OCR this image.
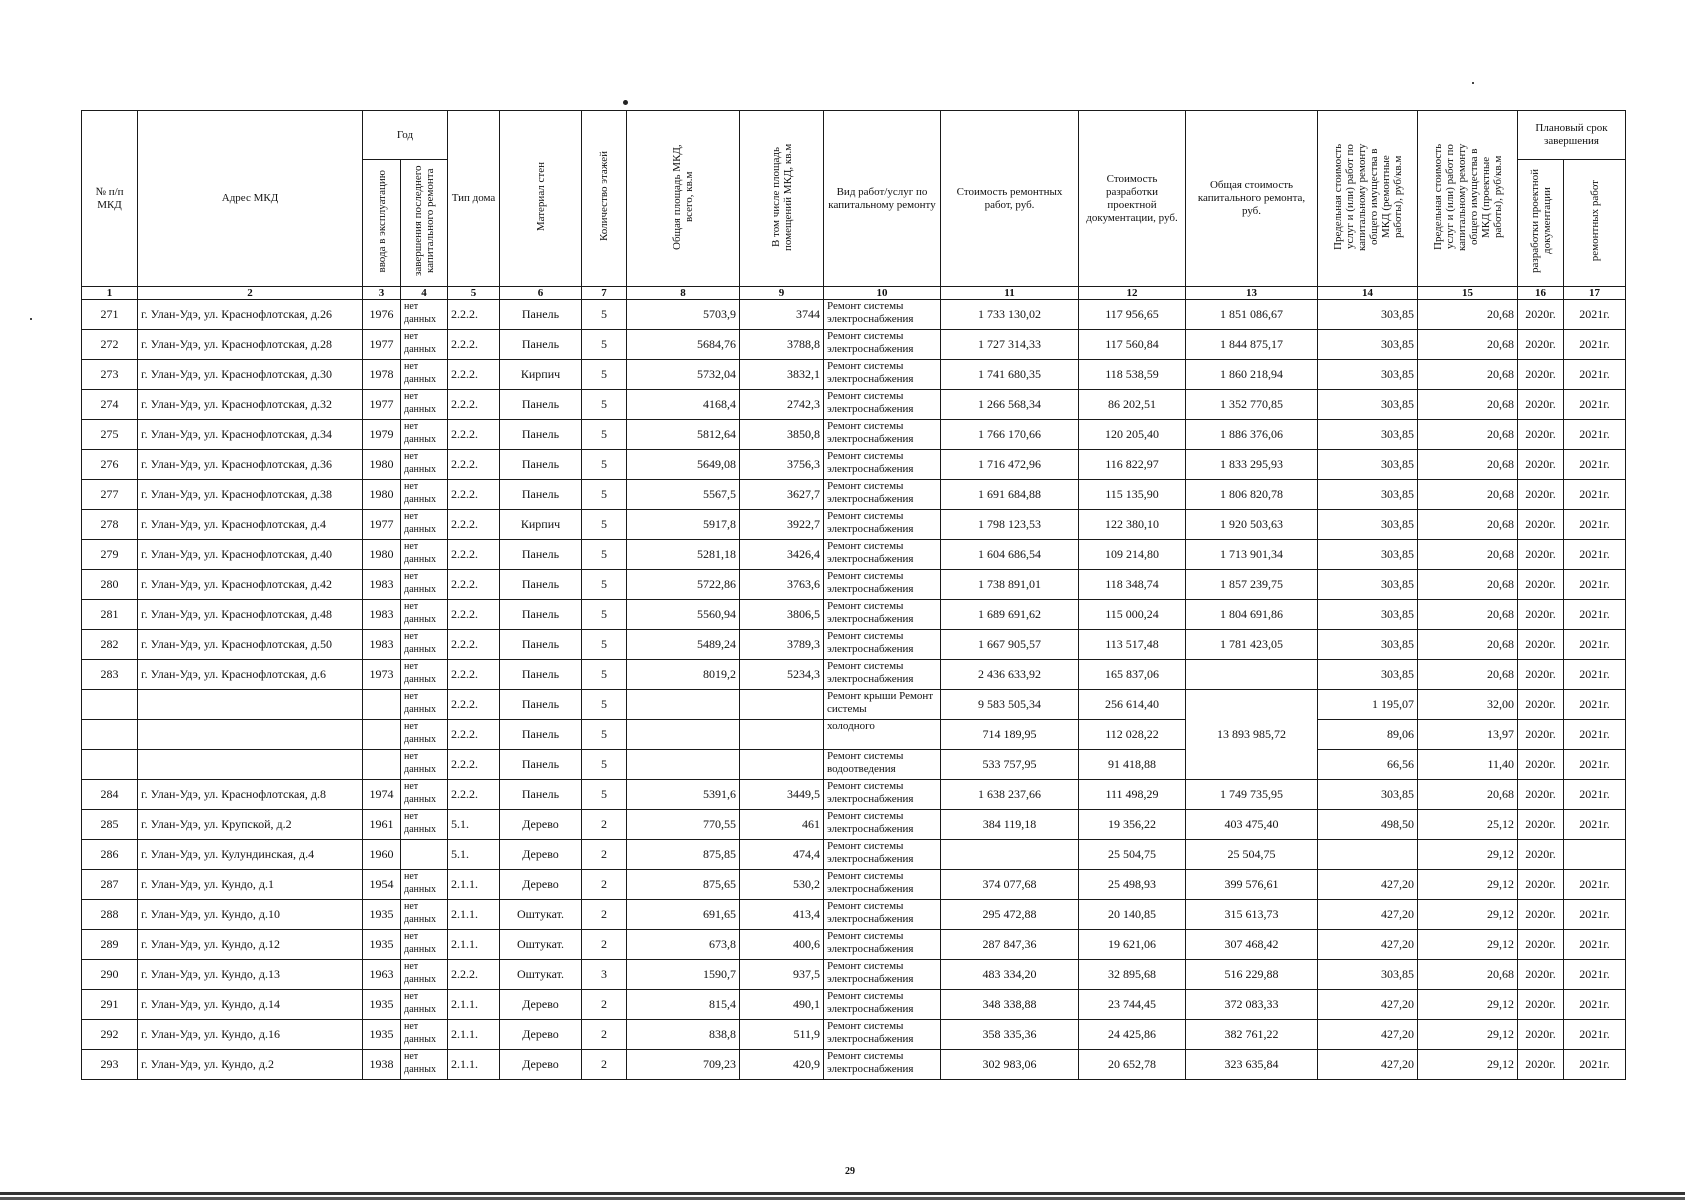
№ п/п МКД	Адрес МКД	Год		Тип дома	Материал стен	Количество этажей	Общая площадь МКД, всего, кв.м	В том числе площадь помещений МКД, кв.м	Вид работ/услуг по капитальному ремонту	Стоимость ремонтных работ, руб.	Стоимость разработки проектной документации, руб.	Общая стоимость капитального ремонта, руб.	Предельная стоимость услуг и (или) работ по капитальному ремонту общего имущества в МКД (ремонтные работы), руб/кв.м	Предельная стоимость услуг и (или) работ по капитальному ремонту общего имущества в МКД (проектные работы), руб/кв.м	Плановый срок завершения	
		ввода в эксплуатацию	завершения последнего капитального ремонта												разработки проектной документации	ремонтных работ
1	2	3	4	5	6	7	8	9	10	11	12	13	14	15	16	17
271	г. Улан-Удэ, ул. Краснофлотская, д.26	1976	нет данных	2.2.2.	Панель	5	5703,9	3744	Ремонт системы электроснабжения	1 733 130,02	117 956,65	1 851 086,67	303,85	20,68	2020г.	2021г.
272	г. Улан-Удэ, ул. Краснофлотская, д.28	1977	нет данных	2.2.2.	Панель	5	5684,76	3788,8	Ремонт системы электроснабжения	1 727 314,33	117 560,84	1 844 875,17	303,85	20,68	2020г.	2021г.
273	г. Улан-Удэ, ул. Краснофлотская, д.30	1978	нет данных	2.2.2.	Кирпич	5	5732,04	3832,1	Ремонт системы электроснабжения	1 741 680,35	118 538,59	1 860 218,94	303,85	20,68	2020г.	2021г.
274	г. Улан-Удэ, ул. Краснофлотская, д.32	1977	нет данных	2.2.2.	Панель	5	4168,4	2742,3	Ремонт системы электроснабжения	1 266 568,34	86 202,51	1 352 770,85	303,85	20,68	2020г.	2021г.
275	г. Улан-Удэ, ул. Краснофлотская, д.34	1979	нет данных	2.2.2.	Панель	5	5812,64	3850,8	Ремонт системы электроснабжения	1 766 170,66	120 205,40	1 886 376,06	303,85	20,68	2020г.	2021г.
276	г. Улан-Удэ, ул. Краснофлотская, д.36	1980	нет данных	2.2.2.	Панель	5	5649,08	3756,3	Ремонт системы электроснабжения	1 716 472,96	116 822,97	1 833 295,93	303,85	20,68	2020г.	2021г.
277	г. Улан-Удэ, ул. Краснофлотская, д.38	1980	нет данных	2.2.2.	Панель	5	5567,5	3627,7	Ремонт системы электроснабжения	1 691 684,88	115 135,90	1 806 820,78	303,85	20,68	2020г.	2021г.
278	г. Улан-Удэ, ул. Краснофлотская, д.4	1977	нет данных	2.2.2.	Кирпич	5	5917,8	3922,7	Ремонт системы электроснабжения	1 798 123,53	122 380,10	1 920 503,63	303,85	20,68	2020г.	2021г.
279	г. Улан-Удэ, ул. Краснофлотская, д.40	1980	нет данных	2.2.2.	Панель	5	5281,18	3426,4	Ремонт системы электроснабжения	1 604 686,54	109 214,80	1 713 901,34	303,85	20,68	2020г.	2021г.
280	г. Улан-Удэ, ул. Краснофлотская, д.42	1983	нет данных	2.2.2.	Панель	5	5722,86	3763,6	Ремонт системы электроснабжения	1 738 891,01	118 348,74	1 857 239,75	303,85	20,68	2020г.	2021г.
281	г. Улан-Удэ, ул. Краснофлотская, д.48	1983	нет данных	2.2.2.	Панель	5	5560,94	3806,5	Ремонт системы электроснабжения	1 689 691,62	115 000,24	1 804 691,86	303,85	20,68	2020г.	2021г.
282	г. Улан-Удэ, ул. Краснофлотская, д.50	1983	нет данных	2.2.2.	Панель	5	5489,24	3789,3	Ремонт системы электроснабжения	1 667 905,57	113 517,48	1 781 423,05	303,85	20,68	2020г.	2021г.
283	г. Улан-Удэ, ул. Краснофлотская, д.6	1973	нет данных	2.2.2.	Панель	5	8019,2	5234,3	Ремонт системы электроснабжения	2 436 633,92	165 837,06		303,85	20,68	2020г.	2021г.
			нет данных	2.2.2.	Панель	5			Ремонт крыши Ремонт системы	9 583 505,34	256 614,40	13 893 985,72	1 195,07	32,00	2020г.	2021г.
			нет данных	2.2.2.	Панель	5			холодного	714 189,95	112 028,22		89,06	13,97	2020г.	2021г.
			нет данных	2.2.2.	Панель	5			Ремонт системы водоотведения	533 757,95	91 418,88		66,56	11,40	2020г.	2021г.
284	г. Улан-Удэ, ул. Краснофлотская, д.8	1974	нет данных	2.2.2.	Панель	5	5391,6	3449,5	Ремонт системы электроснабжения	1 638 237,66	111 498,29	1 749 735,95	303,85	20,68	2020г.	2021г.
285	г. Улан-Удэ, ул. Крупской, д.2	1961	нет данных	5.1.	Дерево	2	770,55	461	Ремонт системы электроснабжения	384 119,18	19 356,22	403 475,40	498,50	25,12	2020г.	2021г.
286	г. Улан-Удэ, ул. Кулундинская, д.4	1960		5.1.	Дерево	2	875,85	474,4	Ремонт системы электроснабжения		25 504,75	25 504,75		29,12	2020г.	
287	г. Улан-Удэ, ул. Кундо, д.1	1954	нет данных	2.1.1.	Дерево	2	875,65	530,2	Ремонт системы электроснабжения	374 077,68	25 498,93	399 576,61	427,20	29,12	2020г.	2021г.
288	г. Улан-Удэ, ул. Кундо, д.10	1935	нет данных	2.1.1.	Оштукат.	2	691,65	413,4	Ремонт системы электроснабжения	295 472,88	20 140,85	315 613,73	427,20	29,12	2020г.	2021г.
289	г. Улан-Удэ, ул. Кундо, д.12	1935	нет данных	2.1.1.	Оштукат.	2	673,8	400,6	Ремонт системы электроснабжения	287 847,36	19 621,06	307 468,42	427,20	29,12	2020г.	2021г.
290	г. Улан-Удэ, ул. Кундо, д.13	1963	нет данных	2.2.2.	Оштукат.	3	1590,7	937,5	Ремонт системы электроснабжения	483 334,20	32 895,68	516 229,88	303,85	20,68	2020г.	2021г.
291	г. Улан-Удэ, ул. Кундо, д.14	1935	нет данных	2.1.1.	Дерево	2	815,4	490,1	Ремонт системы электроснабжения	348 338,88	23 744,45	372 083,33	427,20	29,12	2020г.	2021г.
292	г. Улан-Удэ, ул. Кундо, д.16	1935	нет данных	2.1.1.	Дерево	2	838,8	511,9	Ремонт системы электроснабжения	358 335,36	24 425,86	382 761,22	427,20	29,12	2020г.	2021г.
293	г. Улан-Удэ, ул. Кундо, д.2	1938	нет данных	2.1.1.	Дерево	2	709,23	420,9	Ремонт системы электроснабжения	302 983,06	20 652,78	323 635,84	427,20	29,12	2020г.	2021г.
29
